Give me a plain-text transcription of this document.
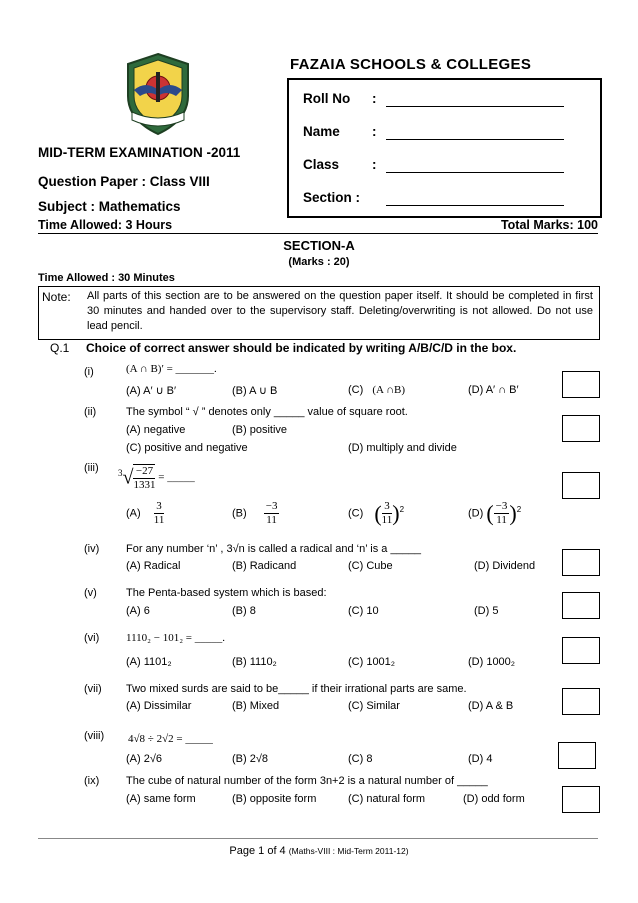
FAZAIA SCHOOLS & COLLEGES
Roll No :
Name :
Class :
Section :
MID-TERM EXAMINATION -2011
Question Paper : Class VIII
Subject : Mathematics
Time Allowed: 3 Hours	Total Marks: 100
SECTION-A
(Marks : 20)
Time Allowed : 30 Minutes
Note: All parts of this section are to be answered on the question paper itself. It should be completed in first 30 minutes and handed over to the supervisory staff. Deleting/overwriting is not allowed. Do not use lead pencil.
Q.1 Choice of correct answer should be indicated by writing A/B/C/D in the box.
(i)	(A ∩ B)′ = _______.
(A) A′ ∪ B′	(B) A ∪ B	(C) (A ∩B)	(D) A′ ∩ B′
(ii)	The symbol “ √ ” denotes only _____ value of square root.
(A) negative	(B) positive
(C) positive and negative	(D) multiply and divide
(iii) $^3√ \frac{-27}{1331}$ = _____
$(A) \frac{3}{11}$	$(B) \frac{-3}{11}$	(C) ( $\frac{3}{11} )^2$	(D) ( $\frac{-3}{11} )^2$
(iv) For any number ‘n’ , 3√n is called a radical and ‘n’ is a _____
(A) Radical	(B) Radicand	(C) Cube	(D) Dividend
(v)	The Penta-based system which is based:
(A) 6	(B) 8	(C) 10	(D) 5
(vi) 1110₂ − 101₂ = _____.
(A) 1101₂	(B) 1110₂	(C) 1001₂	(D) 1000₂
(vii) Two mixed surds are said to be_____ if their irrational parts are same.
(A) Dissimilar	(B) Mixed	(C) Similar	(D) A & B
(viii) 4√8 ÷ 2√2 = _____
(A) 2√6	(B) 2√8	(C) 8	(D) 4
(ix) The cube of natural number of the form 3n+2 is a natural number of _____
(A) same form	(B) opposite form	(C) natural form	(D) odd form
Page 1 of 4 (Maths-VIII : Mid-Term 2011-12)
